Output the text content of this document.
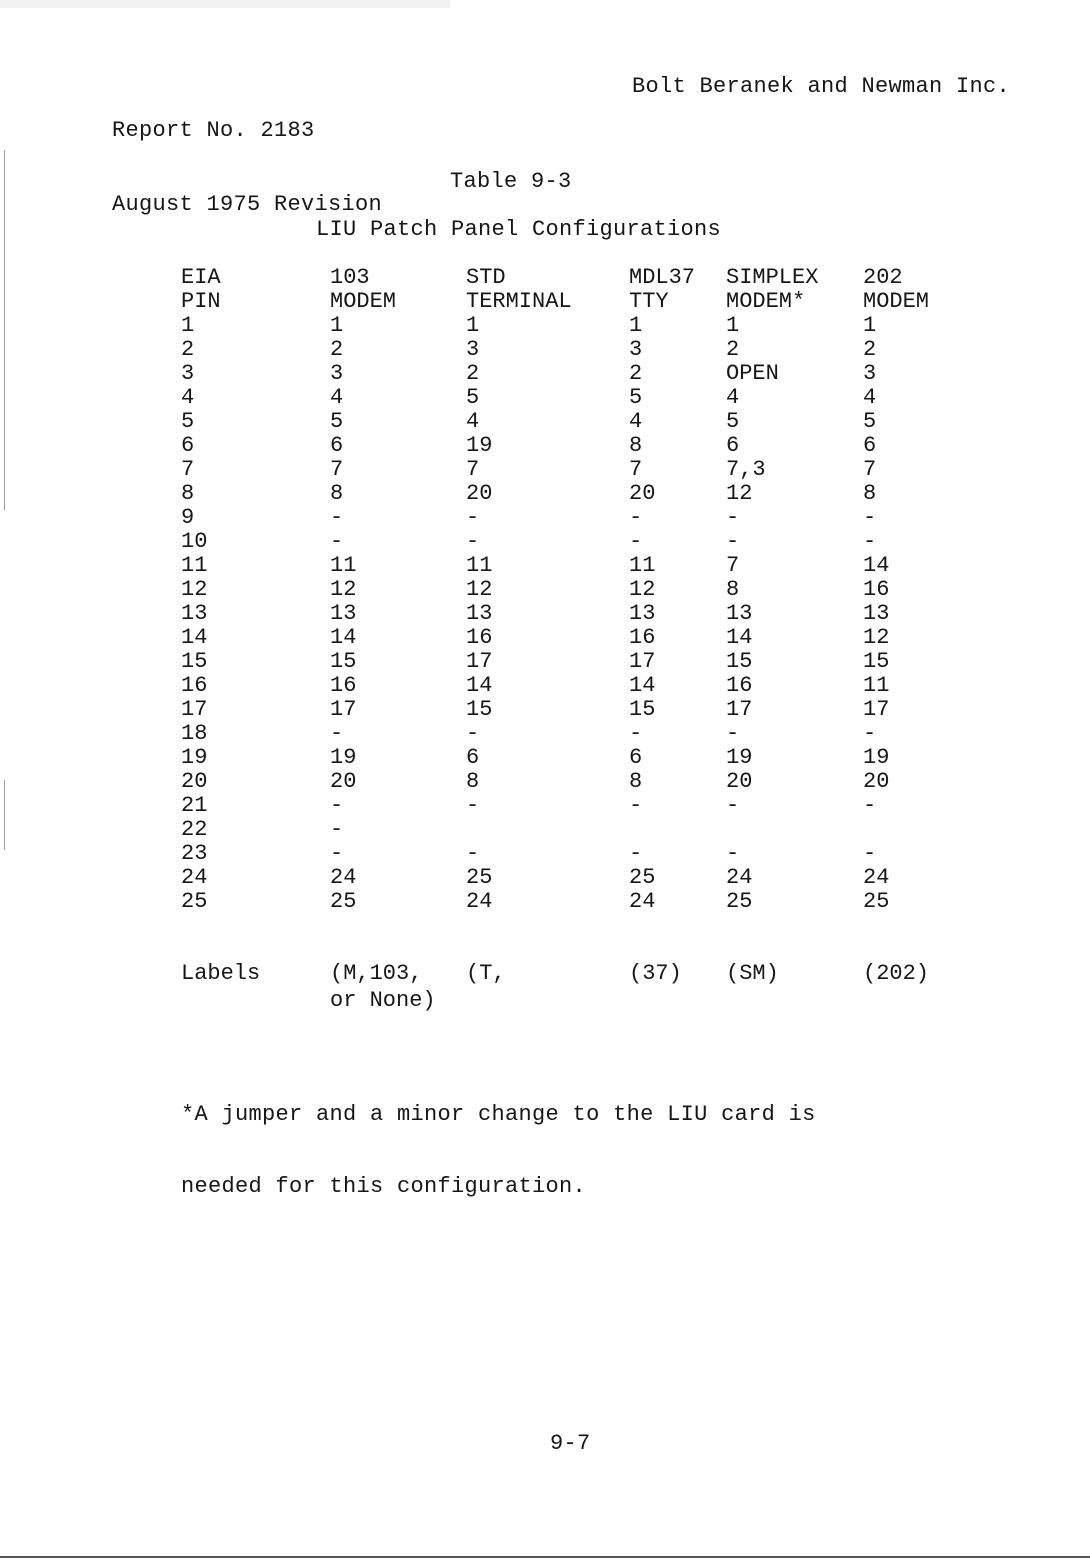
Report No. 2183

August 1975 Revision

Bolt Beranek and Newman Inc.
Table 9-3
LIU Patch Panel Configurations
EIA
PIN
1
2
3
4
5
6
7
8
9
10
11
12
13
14
15
16
17
18
19
20
21
22
23
24
25
Labels
103
MODEM
1
2
3
4
5
6
7
8
-
-
11
12
13
14
15
16
17
-
19
20
-
-
-
24
25
(M,103,
or None)
STD
TERMINAL
1
3
2
5
4
19
7
20
-
-
11
12
13
16
17
14
15
-
6
8
-
-
25
24
(T,
MDL37
TTY
1
3
2
5
4
8
7
20
-
-
11
12
13
16
17
14
15
-
6
8
-
-
25
24
(37)
SIMPLEX
MODEM*
1
2
OPEN
4
5
6
7,3
12
-
-
7
8
13
14
15
16
17
-
19
20
-
-
24
25
(SM)
202
MODEM
1
2
3
4
5
6
7
8
-
-
14
16
13
12
15
11
17
-
19
20
-
-
24
25
(202)

*A jumper and a minor change to the LIU card is

needed for this configuration.

9-7
